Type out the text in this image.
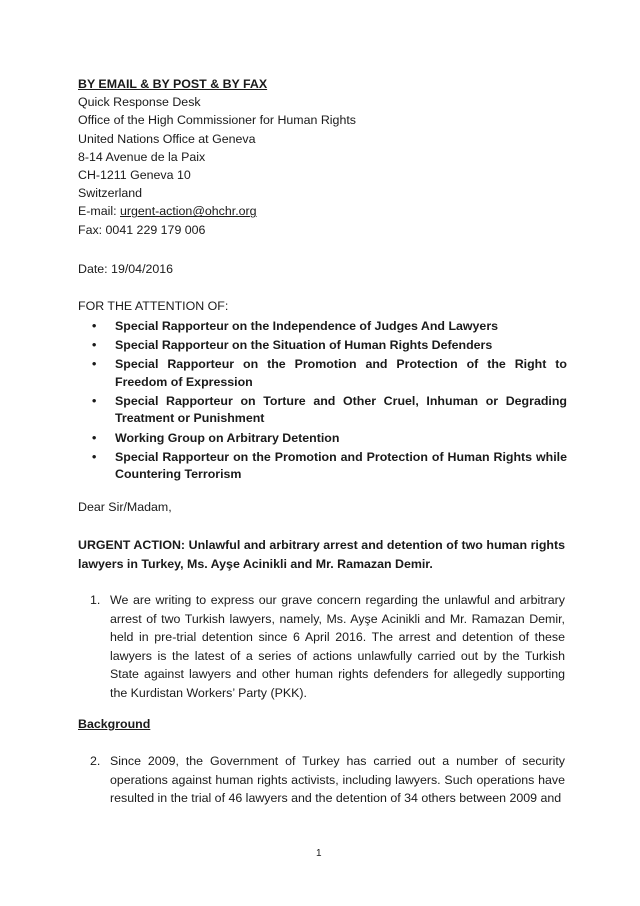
BY EMAIL & BY POST & BY FAX
Quick Response Desk
Office of the High Commissioner for Human Rights
United Nations Office at Geneva
8-14 Avenue de la Paix
CH-1211 Geneva 10
Switzerland
E-mail: urgent-action@ohchr.org
Fax: 0041 229 179 006
Date: 19/04/2016
FOR THE ATTENTION OF:
• Special Rapporteur on the Independence of Judges And Lawyers
• Special Rapporteur on the Situation of Human Rights Defenders
• Special Rapporteur on the Promotion and Protection of the Right to Freedom of Expression
• Special Rapporteur on Torture and Other Cruel, Inhuman or Degrading Treatment or Punishment
• Working Group on Arbitrary Detention
• Special Rapporteur on the Promotion and Protection of Human Rights while Countering Terrorism
Dear Sir/Madam,
URGENT ACTION: Unlawful and arbitrary arrest and detention of two human rights lawyers in Turkey, Ms. Ayşe Acinikli and Mr. Ramazan Demir.
1. We are writing to express our grave concern regarding the unlawful and arbitrary arrest of two Turkish lawyers, namely, Ms. Ayşe Acinikli and Mr. Ramazan Demir, held in pre-trial detention since 6 April 2016. The arrest and detention of these lawyers is the latest of a series of actions unlawfully carried out by the Turkish State against lawyers and other human rights defenders for allegedly supporting the Kurdistan Workers’ Party (PKK).
Background
2. Since 2009, the Government of Turkey has carried out a number of security operations against human rights activists, including lawyers. Such operations have resulted in the trial of 46 lawyers and the detention of 34 others between 2009 and
1
